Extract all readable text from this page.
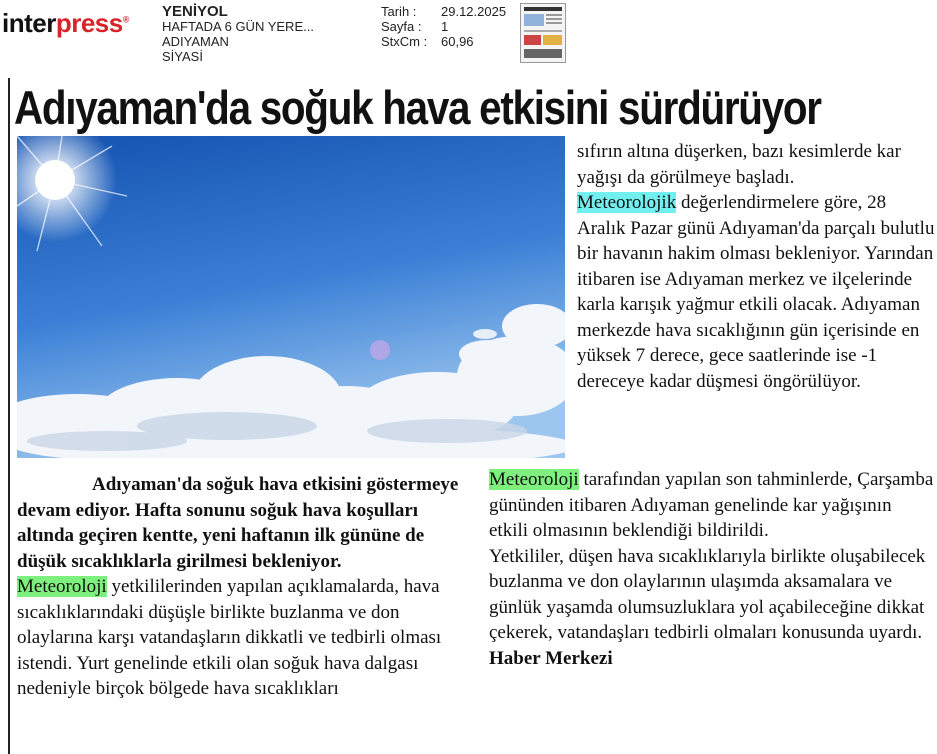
interpress® YENİYOL
HAFTADA 6 GÜN YERE...
ADIYAMAN
SİYASİ
Tarih :	29.12.2025
Sayfa :	1
StxCm :	60,96
Adıyaman'da soğuk hava etkisini sürdürüyor

Adıyaman'da soğuk hava etkisini göstermeye devam ediyor. Hafta sonunu soğuk hava koşulları altında geçiren kentte, yeni haftanın ilk gününe de düşük sıcaklıklarla girilmesi bekleniyor.

Meteoroloji yetkililerinden yapılan açıklamalarda, hava sıcaklıklarındaki düşüşle birlikte buzlanma ve don olaylarına karşı vatandaşların dikkatli ve tedbirli olması istendi. Yurt genelinde etkili olan soğuk hava dalgası nedeniyle birçok bölgede hava sıcaklıkları

sıfırın altına düşerken, bazı kesimlerde kar yağışı da görülmeye başladı.

Meteorolojik değerlendirmelere göre, 28 Aralık Pazar günü Adıyaman'da parçalı bulutlu bir havanın hakim olması bekleniyor. Yarından itibaren ise Adıyaman merkez ve ilçelerinde karla karışık yağmur etkili olacak. Adıyaman merkezde hava sıcaklığının gün içerisinde en yüksek 7 derece, gece saatlerinde ise -1 dereceye kadar düşmesi öngörülüyor.

Meteoroloji tarafından yapılan son tahminlerde, Çarşamba gününden itibaren Adıyaman genelinde kar yağışının etkili olmasının beklendiği bildirildi.

Yetkililer, düşen hava sıcaklıklarıyla birlikte oluşabilecek buzlanma ve don olaylarının ulaşımda aksamalara ve günlük yaşamda olumsuzluklara yol açabileceğine dikkat çekerek, vatandaşları tedbirli olmaları konusunda uyardı.

Haber Merkezi
